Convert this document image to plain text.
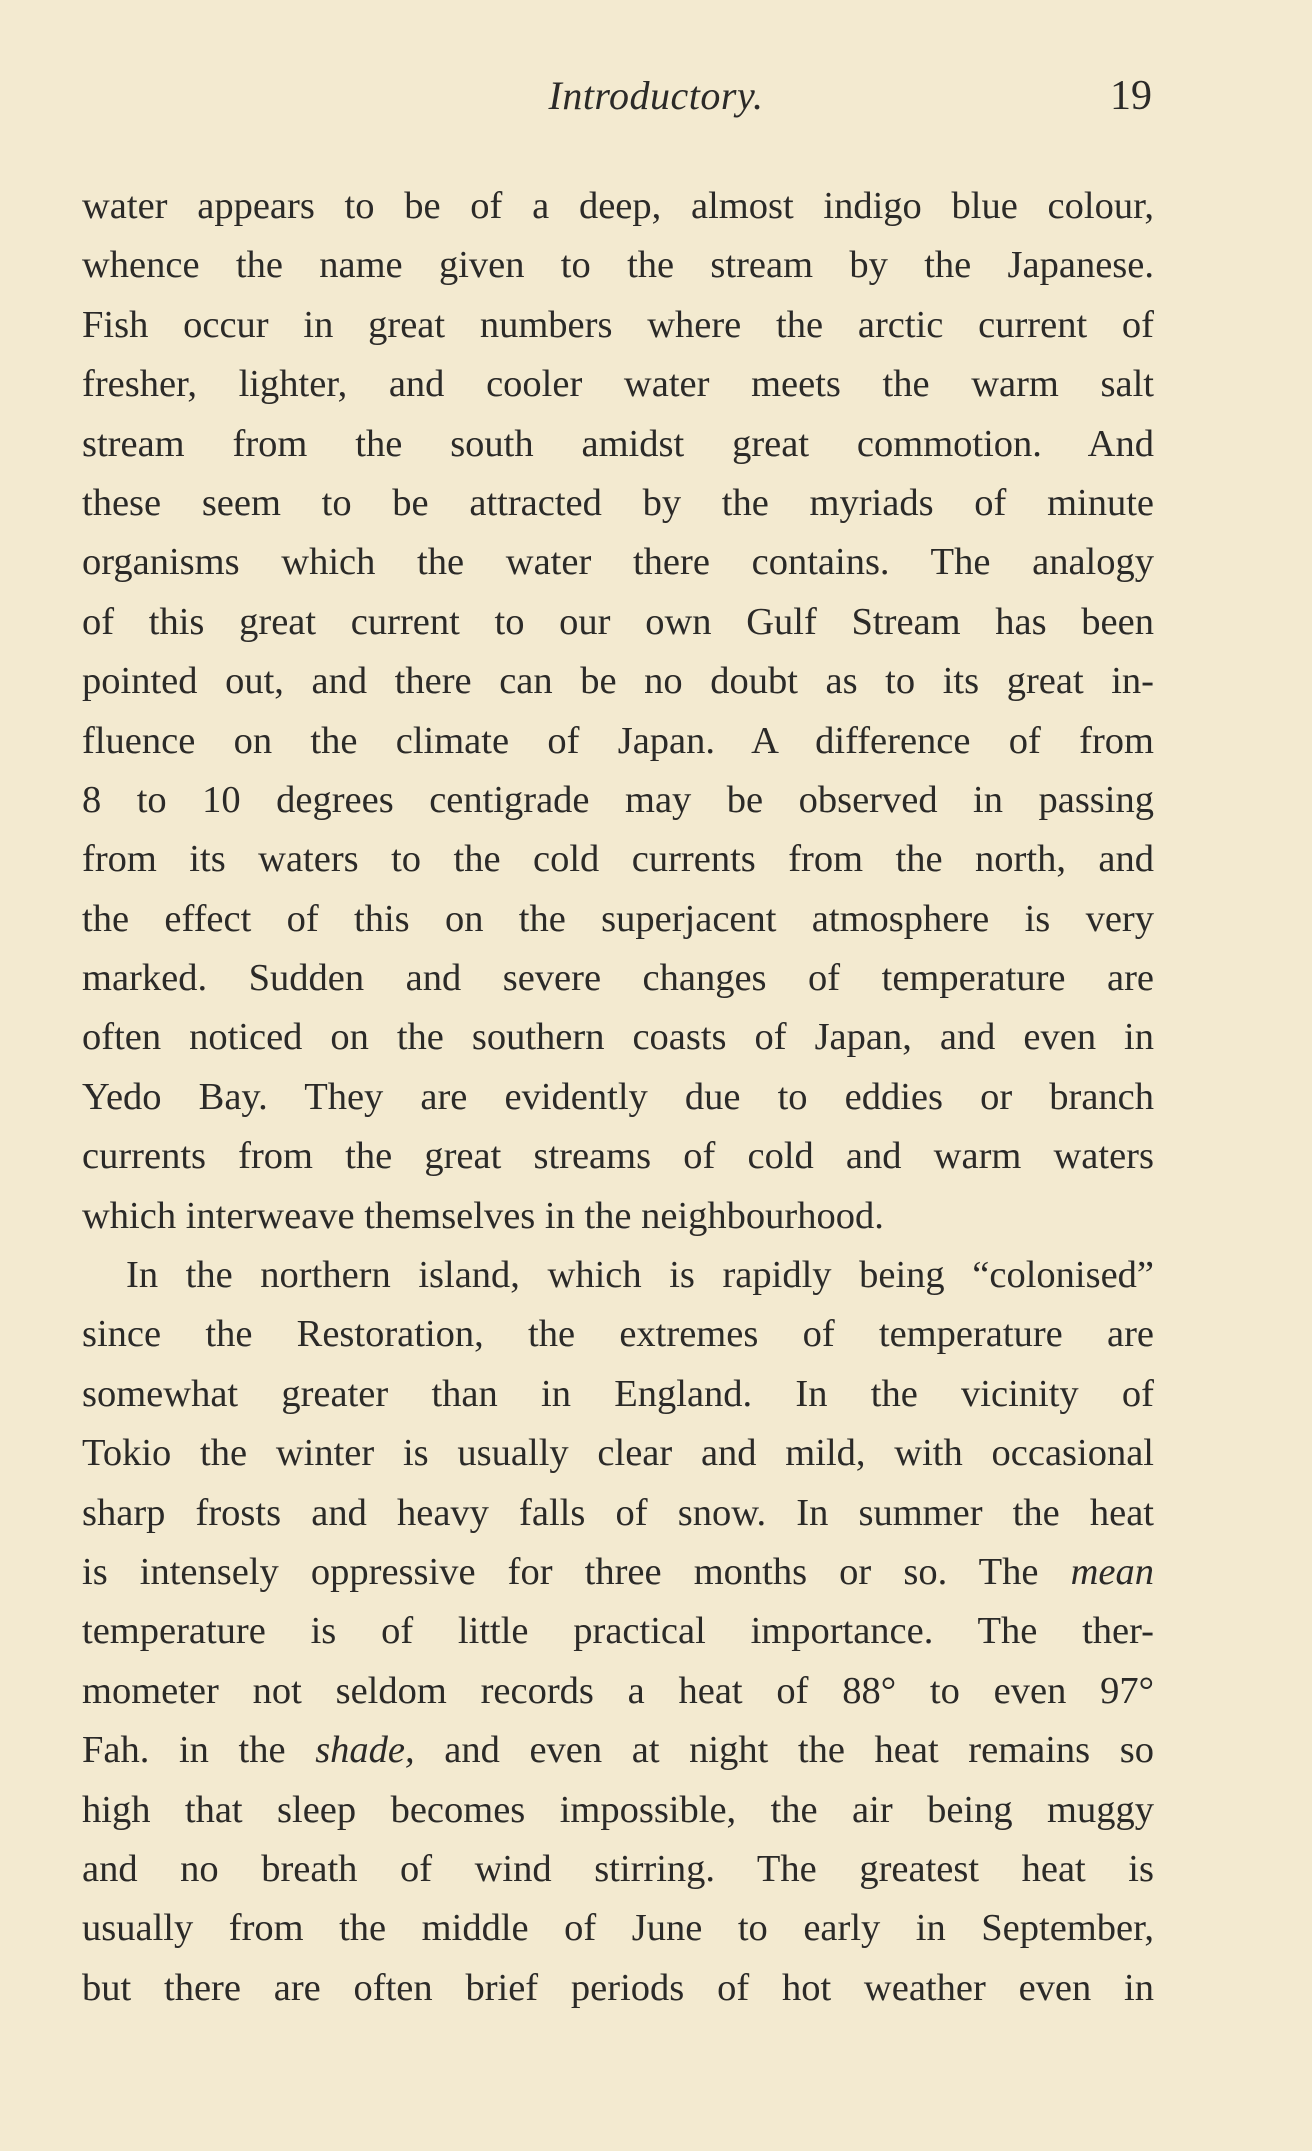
Introductory.	19
water appears to be of a deep, almost indigo blue colour,
whence the name given to the stream by the Japanese.
Fish occur in great numbers where the arctic current of
fresher, lighter, and cooler water meets the warm salt
stream from the south amidst great commotion. And
these seem to be attracted by the myriads of minute
organisms which the water there contains. The analogy
of this great current to our own Gulf Stream has been
pointed out, and there can be no doubt as to its great in-
fluence on the climate of Japan. A difference of from
8 to 10 degrees centigrade may be observed in passing
from its waters to the cold currents from the north, and
the effect of this on the superjacent atmosphere is very
marked. Sudden and severe changes of temperature are
often noticed on the southern coasts of Japan, and even in
Yedo Bay. They are evidently due to eddies or branch
currents from the great streams of cold and warm waters
which interweave themselves in the neighbourhood.
In the northern island, which is rapidly being “colonised”
since the Restoration, the extremes of temperature are
somewhat greater than in England. In the vicinity of
Tokio the winter is usually clear and mild, with occasional
sharp frosts and heavy falls of snow. In summer the heat
is intensely oppressive for three months or so. The mean
temperature is of little practical importance. The ther-
mometer not seldom records a heat of 88° to even 97°
Fah. in the shade, and even at night the heat remains so
high that sleep becomes impossible, the air being muggy
and no breath of wind stirring. The greatest heat is
usually from the middle of June to early in September,
but there are often brief periods of hot weather even in
